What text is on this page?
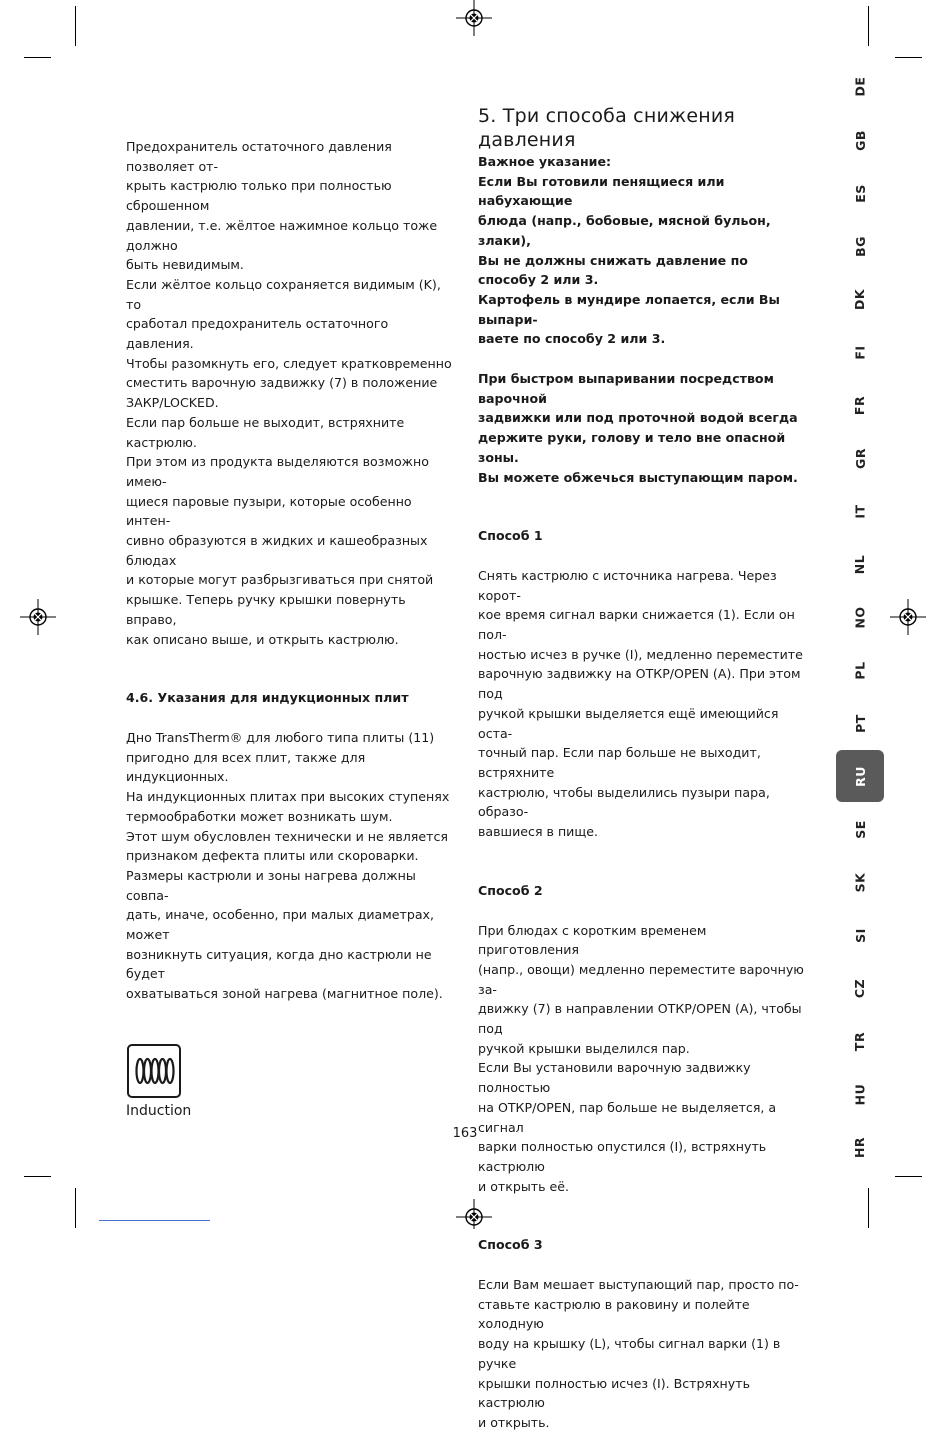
Предохранитель остаточного давления позволяет от-

крыть кастрюлю только при полностью сброшенном

давлении, т.е. жёлтое нажимное кольцо тоже должно

быть невидимым.

Если жёлтое кольцо сохраняется видимым (K), то

сработал предохранитель остаточного давления.

Чтобы разомкнуть его, следует кратковременно

сместить варочную задвижку (7) в положение

ЗАКР/LOCKED.

Если пар больше не выходит, встряхните кастрюлю.

При этом из продукта выделяются возможно имею-

щиеся паровые пузыри, которые особенно интен-

сивно образуются в жидких и кашеобразных блюдах

и которые могут разбрызгиваться при снятой

крышке. Теперь ручку крышки повернуть вправо,

как описано выше, и открыть кастрюлю.

4.6. Указания для индукционных плит

Дно TransTherm® для любого типа плиты (11)

пригодно для всех плит, также для индукционных.

На индукционных плитах при высоких ступенях

термообработки может возникать шум.

Этот шум обусловлен технически и не является

признаком дефекта плиты или скороварки.

Размеры кастрюли и зоны нагрева должны совпа-

дать, иначе, особенно, при малых диаметрах, может

возникнуть ситуация, когда дно кастрюли не будет

охватываться зоной нагрева (магнитное поле).

Induction

5. Три способа снижения давления

Важное указание:

Если Вы готовили пенящиеся или набухающие

блюда (напр., бобовые, мясной бульон, злаки),

Вы не должны снижать давление по способу 2 или 3.

Картофель в мундире лопается, если Вы выпари-

ваете по способу 2 или 3.

При быстром выпаривании посредством варочной

задвижки или под проточной водой всегда

держите руки, голову и тело вне опасной зоны.

Вы можете обжечься выступающим паром.

Способ 1

Снять кастрюлю с источника нагрева. Через корот-

кое время сигнал варки снижается (1). Если он пол-

ностью исчез в ручке (I), медленно переместите

варочную задвижку на ОТКР/OPEN (A). При этом под

ручкой крышки выделяется ещё имеющийся оста-

точный пар. Если пар больше не выходит, встряхните

кастрюлю, чтобы выделились пузыри пара, образо-

вавшиеся в пище.

Способ 2

При блюдах с коротким временем приготовления

(напр., овощи) медленно переместите варочную за-

движку (7) в направлении ОТКР/OPEN (A), чтобы под

ручкой крышки выделился пар.

Если Вы установили варочную задвижку полностью

на ОТКР/OPEN, пар больше не выделяется, а сигнал

варки полностью опустился (I), встряхнуть кастрюлю

и открыть её.

Способ 3

Если Вам мешает выступающий пар, просто по-

ставьте кастрюлю в раковину и полейте холодную

воду на крышку (L), чтобы сигнал варки (1) в ручке

крышки полностью исчез (I). Встряхнуть кастрюлю

и открыть.

DE
GB
ES
BG
DK
FI
FR
GR
IT
NL
NO
PL
PT
RU
SE
SK
SI
CZ
TR
HU
HR
163
